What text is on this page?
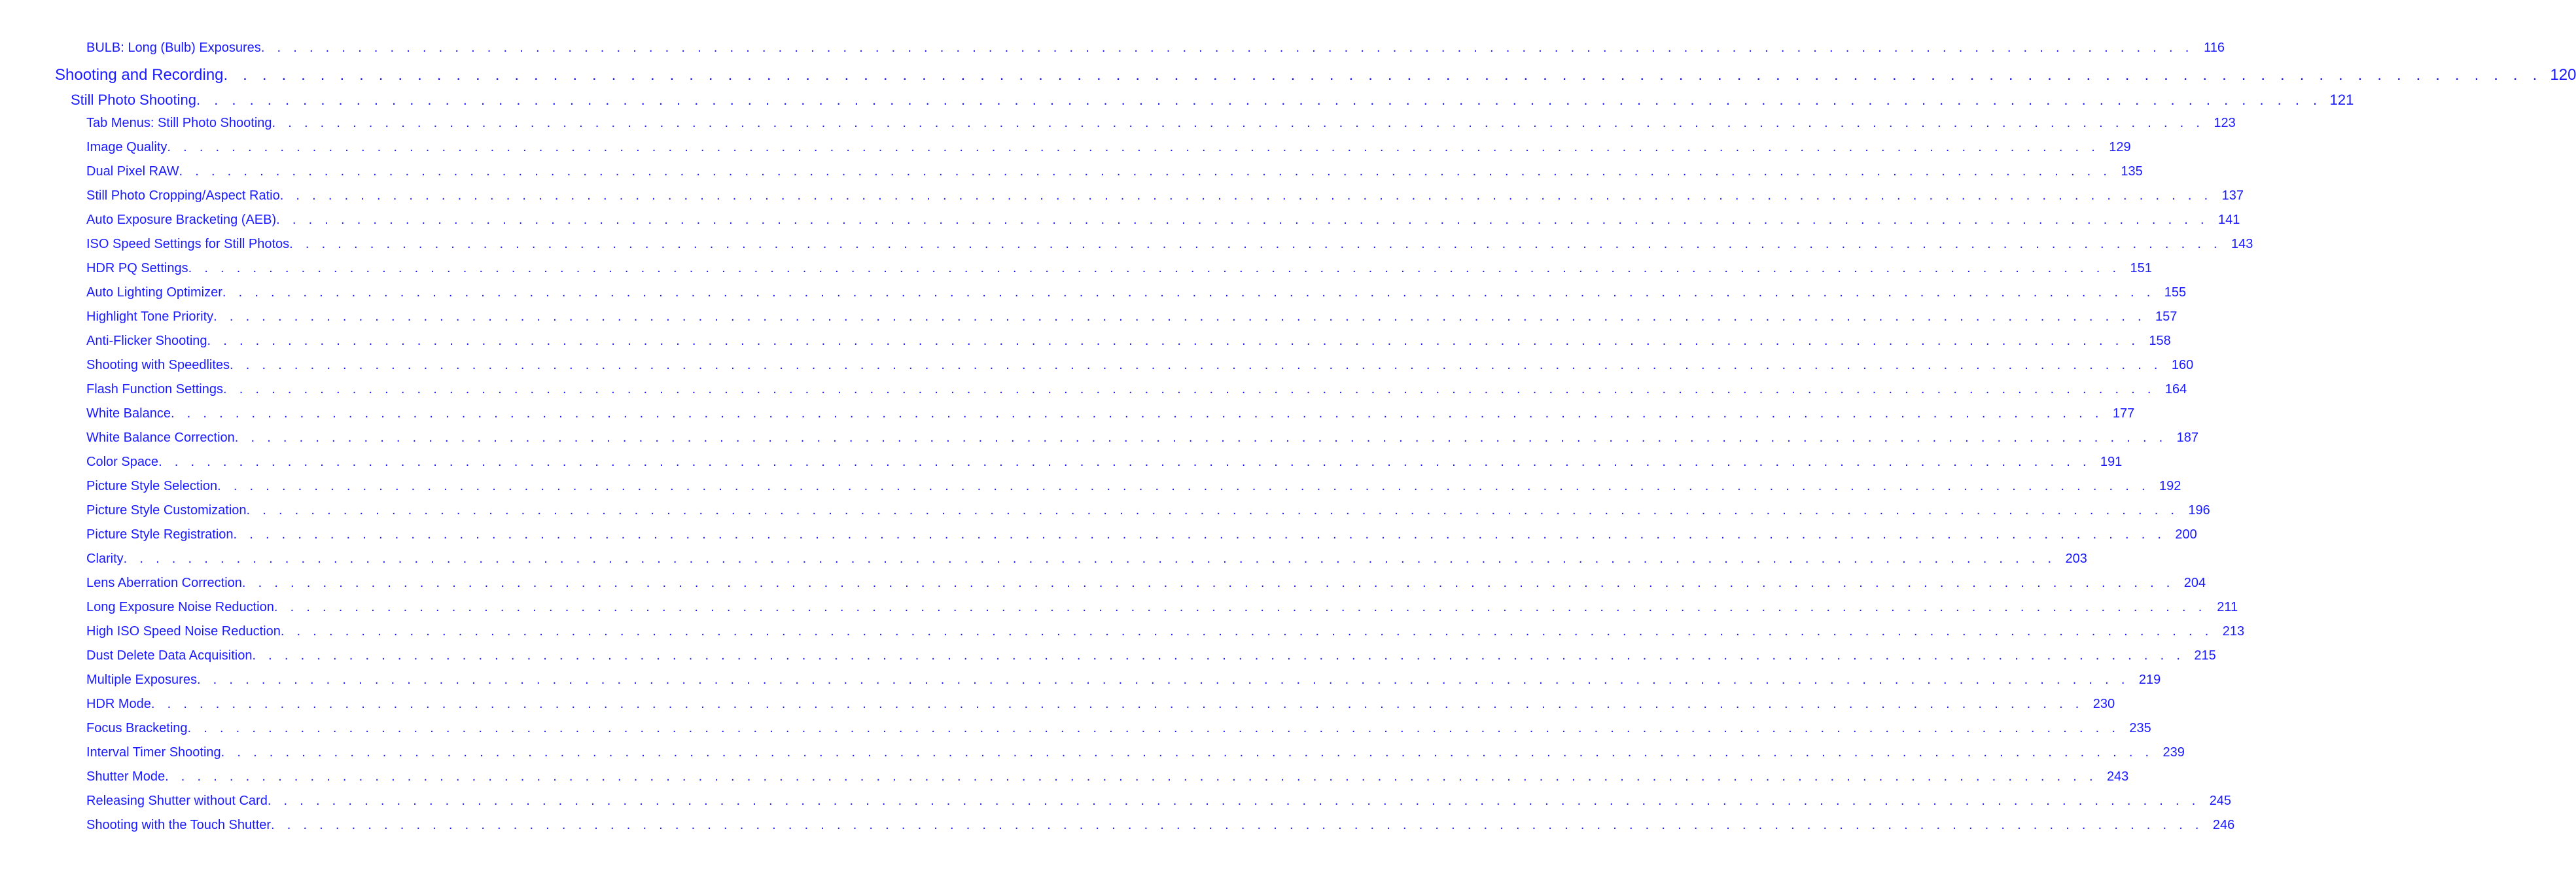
BULB: Long (Bulb) Exposures . . . . . . . . . . . . . . . . . . . . . . . . . . . . . . . . . . . . . . . . . . . . . . . . . . . . . . . . . . . . . . . . . . . . . . . . . . . . . . . . . . . . . . . . . . . . . . . . . . . . . . . . . . . . . . . . . . . . . . . . 116
Shooting and Recording . . . . . . . . . . . . . . . . . . . . . . . . . . . . . . . . . . . . . . . . . . . . . . . . . . . . . . . . . . . . . . . . . . . . . . . . . . . . . . . . . . . . . . . . . . . . . . . . . . . . . . . . . . . . . . . . . . . . . . . . 120
Still Photo Shooting . . . . . . . . . . . . . . . . . . . . . . . . . . . . . . . . . . . . . . . . . . . . . . . . . . . . . . . . . . . . . . . . . . . . . . . . . . . . . . . . . . . . . . . . . . . . . . . . . . . . . . . . . . . . . . . . . . . . . . . . 121
Tab Menus: Still Photo Shooting . . . . . . . . . . . . . . . . . . . . . . . . . . . . . . . . . . . . . . . . . . . . . . . . . . . . . . . . . . . . . . . . . . . . . . . . . . . . . . . . . . . . . . . . . . . . . . . . . . . . . . . . . . . . . . . . . . . . . . . . 123
Image Quality . . . . . . . . . . . . . . . . . . . . . . . . . . . . . . . . . . . . . . . . . . . . . . . . . . . . . . . . . . . . . . . . . . . . . . . . . . . . . . . . . . . . . . . . . . . . . . . . . . . . . . . . . . . . . . . . . . . . . . . . 129
Dual Pixel RAW . . . . . . . . . . . . . . . . . . . . . . . . . . . . . . . . . . . . . . . . . . . . . . . . . . . . . . . . . . . . . . . . . . . . . . . . . . . . . . . . . . . . . . . . . . . . . . . . . . . . . . . . . . . . . . . . . . . . . . . . 135
Still Photo Cropping/Aspect Ratio . . . . . . . . . . . . . . . . . . . . . . . . . . . . . . . . . . . . . . . . . . . . . . . . . . . . . . . . . . . . . . . . . . . . . . . . . . . . . . . . . . . . . . . . . . . . . . . . . . . . . . . . . . . . . . . . . . . . . . . . 137
Auto Exposure Bracketing (AEB) . . . . . . . . . . . . . . . . . . . . . . . . . . . . . . . . . . . . . . . . . . . . . . . . . . . . . . . . . . . . . . . . . . . . . . . . . . . . . . . . . . . . . . . . . . . . . . . . . . . . . . . . . . . . . . . . . . . . . . . . 141
ISO Speed Settings for Still Photos . . . . . . . . . . . . . . . . . . . . . . . . . . . . . . . . . . . . . . . . . . . . . . . . . . . . . . . . . . . . . . . . . . . . . . . . . . . . . . . . . . . . . . . . . . . . . . . . . . . . . . . . . . . . . . . . . . . . . . . . 143
HDR PQ Settings . . . . . . . . . . . . . . . . . . . . . . . . . . . . . . . . . . . . . . . . . . . . . . . . . . . . . . . . . . . . . . . . . . . . . . . . . . . . . . . . . . . . . . . . . . . . . . . . . . . . . . . . . . . . . . . . . . . . . . . . 151
Auto Lighting Optimizer . . . . . . . . . . . . . . . . . . . . . . . . . . . . . . . . . . . . . . . . . . . . . . . . . . . . . . . . . . . . . . . . . . . . . . . . . . . . . . . . . . . . . . . . . . . . . . . . . . . . . . . . . . . . . . . . . . . . . . . . 155
Highlight Tone Priority . . . . . . . . . . . . . . . . . . . . . . . . . . . . . . . . . . . . . . . . . . . . . . . . . . . . . . . . . . . . . . . . . . . . . . . . . . . . . . . . . . . . . . . . . . . . . . . . . . . . . . . . . . . . . . . . . . . . . . . . 157
Anti-Flicker Shooting . . . . . . . . . . . . . . . . . . . . . . . . . . . . . . . . . . . . . . . . . . . . . . . . . . . . . . . . . . . . . . . . . . . . . . . . . . . . . . . . . . . . . . . . . . . . . . . . . . . . . . . . . . . . . . . . . . . . . . . . 158
Shooting with Speedlites . . . . . . . . . . . . . . . . . . . . . . . . . . . . . . . . . . . . . . . . . . . . . . . . . . . . . . . . . . . . . . . . . . . . . . . . . . . . . . . . . . . . . . . . . . . . . . . . . . . . . . . . . . . . . . . . . . . . . . . . 160
Flash Function Settings . . . . . . . . . . . . . . . . . . . . . . . . . . . . . . . . . . . . . . . . . . . . . . . . . . . . . . . . . . . . . . . . . . . . . . . . . . . . . . . . . . . . . . . . . . . . . . . . . . . . . . . . . . . . . . . . . . . . . . . . 164
White Balance . . . . . . . . . . . . . . . . . . . . . . . . . . . . . . . . . . . . . . . . . . . . . . . . . . . . . . . . . . . . . . . . . . . . . . . . . . . . . . . . . . . . . . . . . . . . . . . . . . . . . . . . . . . . . . . . . . . . . . . . 177
White Balance Correction . . . . . . . . . . . . . . . . . . . . . . . . . . . . . . . . . . . . . . . . . . . . . . . . . . . . . . . . . . . . . . . . . . . . . . . . . . . . . . . . . . . . . . . . . . . . . . . . . . . . . . . . . . . . . . . . . . . . . . . . 187
Color Space . . . . . . . . . . . . . . . . . . . . . . . . . . . . . . . . . . . . . . . . . . . . . . . . . . . . . . . . . . . . . . . . . . . . . . . . . . . . . . . . . . . . . . . . . . . . . . . . . . . . . . . . . . . . . . . . . . . . . . . . 191
Picture Style Selection . . . . . . . . . . . . . . . . . . . . . . . . . . . . . . . . . . . . . . . . . . . . . . . . . . . . . . . . . . . . . . . . . . . . . . . . . . . . . . . . . . . . . . . . . . . . . . . . . . . . . . . . . . . . . . . . . . . . . . . . 192
Picture Style Customization . . . . . . . . . . . . . . . . . . . . . . . . . . . . . . . . . . . . . . . . . . . . . . . . . . . . . . . . . . . . . . . . . . . . . . . . . . . . . . . . . . . . . . . . . . . . . . . . . . . . . . . . . . . . . . . . . . . . . . . . 196
Picture Style Registration . . . . . . . . . . . . . . . . . . . . . . . . . . . . . . . . . . . . . . . . . . . . . . . . . . . . . . . . . . . . . . . . . . . . . . . . . . . . . . . . . . . . . . . . . . . . . . . . . . . . . . . . . . . . . . . . . . . . . . . . 200
Clarity . . . . . . . . . . . . . . . . . . . . . . . . . . . . . . . . . . . . . . . . . . . . . . . . . . . . . . . . . . . . . . . . . . . . . . . . . . . . . . . . . . . . . . . . . . . . . . . . . . . . . . . . . . . . . . . . . . . . . . . . 203
Lens Aberration Correction . . . . . . . . . . . . . . . . . . . . . . . . . . . . . . . . . . . . . . . . . . . . . . . . . . . . . . . . . . . . . . . . . . . . . . . . . . . . . . . . . . . . . . . . . . . . . . . . . . . . . . . . . . . . . . . . . . . . . . . . 204
Long Exposure Noise Reduction . . . . . . . . . . . . . . . . . . . . . . . . . . . . . . . . . . . . . . . . . . . . . . . . . . . . . . . . . . . . . . . . . . . . . . . . . . . . . . . . . . . . . . . . . . . . . . . . . . . . . . . . . . . . . . . . . . . . . . . . 211
High ISO Speed Noise Reduction . . . . . . . . . . . . . . . . . . . . . . . . . . . . . . . . . . . . . . . . . . . . . . . . . . . . . . . . . . . . . . . . . . . . . . . . . . . . . . . . . . . . . . . . . . . . . . . . . . . . . . . . . . . . . . . . . . . . . . . . 213
Dust Delete Data Acquisition . . . . . . . . . . . . . . . . . . . . . . . . . . . . . . . . . . . . . . . . . . . . . . . . . . . . . . . . . . . . . . . . . . . . . . . . . . . . . . . . . . . . . . . . . . . . . . . . . . . . . . . . . . . . . . . . . . . . . . . . 215
Multiple Exposures . . . . . . . . . . . . . . . . . . . . . . . . . . . . . . . . . . . . . . . . . . . . . . . . . . . . . . . . . . . . . . . . . . . . . . . . . . . . . . . . . . . . . . . . . . . . . . . . . . . . . . . . . . . . . . . . . . . . . . . . 219
HDR Mode . . . . . . . . . . . . . . . . . . . . . . . . . . . . . . . . . . . . . . . . . . . . . . . . . . . . . . . . . . . . . . . . . . . . . . . . . . . . . . . . . . . . . . . . . . . . . . . . . . . . . . . . . . . . . . . . . . . . . . . . 230
Focus Bracketing . . . . . . . . . . . . . . . . . . . . . . . . . . . . . . . . . . . . . . . . . . . . . . . . . . . . . . . . . . . . . . . . . . . . . . . . . . . . . . . . . . . . . . . . . . . . . . . . . . . . . . . . . . . . . . . . . . . . . . . . 235
Interval Timer Shooting . . . . . . . . . . . . . . . . . . . . . . . . . . . . . . . . . . . . . . . . . . . . . . . . . . . . . . . . . . . . . . . . . . . . . . . . . . . . . . . . . . . . . . . . . . . . . . . . . . . . . . . . . . . . . . . . . . . . . . . . 239
Shutter Mode . . . . . . . . . . . . . . . . . . . . . . . . . . . . . . . . . . . . . . . . . . . . . . . . . . . . . . . . . . . . . . . . . . . . . . . . . . . . . . . . . . . . . . . . . . . . . . . . . . . . . . . . . . . . . . . . . . . . . . . . 243
Releasing Shutter without Card . . . . . . . . . . . . . . . . . . . . . . . . . . . . . . . . . . . . . . . . . . . . . . . . . . . . . . . . . . . . . . . . . . . . . . . . . . . . . . . . . . . . . . . . . . . . . . . . . . . . . . . . . . . . . . . . . . . . . . . . 245
Shooting with the Touch Shutter . . . . . . . . . . . . . . . . . . . . . . . . . . . . . . . . . . . . . . . . . . . . . . . . . . . . . . . . . . . . . . . . . . . . . . . . . . . . . . . . . . . . . . . . . . . . . . . . . . . . . . . . . . . . . . . . . . . . . . . . 246
